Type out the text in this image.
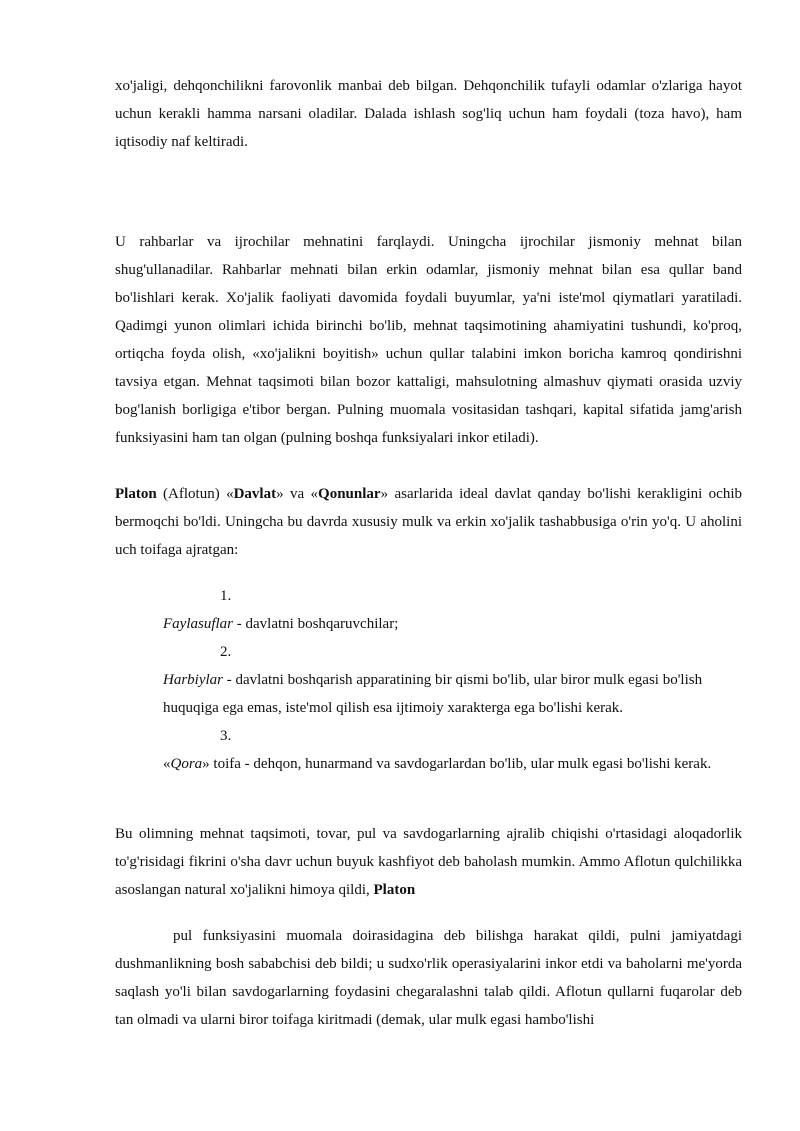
xo'jaligi, dehqonchilikni farovonlik manbai deb bilgan. Dehqonchilik tufayli odamlar o'zlariga hayot uchun kerakli hamma narsani oladilar. Dalada ishlash sog'liq uchun ham foydali (toza havo), ham iqtisodiy naf keltiradi.

U rahbarlar va ijrochilar mehnatini farqlaydi. Uningcha ijrochilar jismoniy mehnat bilan shug'ullanadilar. Rahbarlar mehnati bilan erkin odamlar, jismoniy mehnat bilan esa qullar band bo'lishlari kerak. Xo'jalik faoliyati davomida foydali buyumlar, ya'ni iste'mol qiymatlari yaratiladi. Qadimgi yunon olimlari ichida birinchi bo'lib, mehnat taqsimotining ahamiyatini tushundi, ko'proq, ortiqcha foyda olish, «xo'jalikni boyitish» uchun qullar talabini imkon boricha kamroq qondirishni tavsiya etgan. Mehnat taqsimoti bilan bozor kattaligi, mahsulotning almashuv qiymati orasida uzviy bog'lanish borligiga e'tibor bergan. Pulning muomala vositasidan tashqari, kapital sifatida jamg'arish funksiyasini ham tan olgan (pulning boshqa funksiyalari inkor etiladi).

Platon (Aflotun) «Davlat» va «Qonunlar» asarlarida ideal davlat qanday bo'lishi kerakligini ochib bermoqchi bo'ldi. Uningcha bu davrda xususiy mulk va erkin xo'jalik tashabbusiga o'rin yo'q. U aholini uch toifaga ajratgan:

1.
Faylasuflar - davlatni boshqaruvchilar;
2.
Harbiylar - davlatni boshqarish apparatining bir qismi bo'lib, ular biror mulk egasi bo'lish huquqiga ega emas, iste'mol qilish esa ijtimoiy xarakterga ega bo'lishi kerak.
3.
«Qora» toifa - dehqon, hunarmand va savdogarlardan bo'lib, ular mulk egasi bo'lishi kerak.

Bu olimning mehnat taqsimoti, tovar, pul va savdogarlarning ajralib chiqishi o'rtasidagi aloqadorlik to'g'risidagi fikrini o'sha davr uchun buyuk kashfiyot deb baholash mumkin. Ammo Aflotun qulchilikka asoslangan natural xo'jalikni himoya qildi, Platon

pul funksiyasini muomala doirasidagina deb bilishga harakat qildi, pulni jamiyatdagi dushmanlikning bosh sababchisi deb bildi; u sudxo'rlik operasiyalarini inkor etdi va baholarni me'yorda saqlash yo'li bilan savdogarlarning foydasini chegaralashni talab qildi. Aflotun qullarni fuqarolar deb tan olmadi va ularni biror toifaga kiritmadi (demak, ular mulk egasi hambo'lishi
